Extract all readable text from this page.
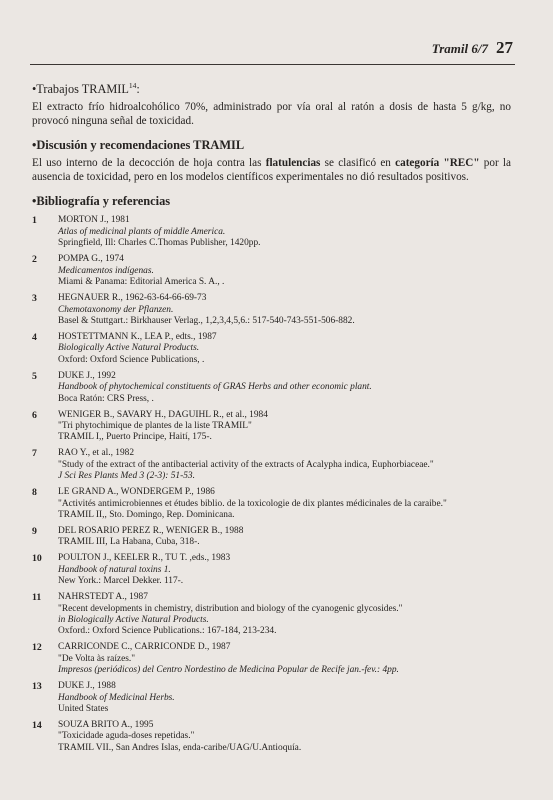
Tramil 6/7 27

•Trabajos TRAMIL$^{14}$:

El extracto frío hidroalcohólico 70%, administrado por vía oral al ratón a dosis de hasta 5 g/kg, no provocó ninguna señal de toxicidad.

•Discusión y recomendaciones TRAMIL

El uso interno de la decocción de hoja contra las flatulencias se clasificó en categoría "REC" por la ausencia de toxicidad, pero en los modelos científicos experimentales no dió resultados positivos.

•Bibliografía y referencias

1	MORTON J., 1981
Atlas of medicinal plants of middle America.
Springfield, Ill: Charles C.Thomas Publisher, 1420pp.
2	POMPA G., 1974
Medicamentos indígenas.
Miami & Panama: Editorial America S. A., .
3	HEGNAUER R., 1962-63-64-66-69-73
Chemotaxonomy der Pflanzen.
Basel & Stuttgart.: Birkhauser Verlag., 1,2,3,4,5,6.: 517-540-743-551-506-882.
4	HOSTETTMANN K., LEA P., edts., 1987
Biologically Active Natural Products.
Oxford: Oxford Science Publications, .
5	DUKE J., 1992
Handbook of phytochemical constituents of GRAS Herbs and other economic plant.
Boca Ratón: CRS Press, .
6	WENIGER B., SAVARY H., DAGUIHL R., et al., 1984
"Tri phytochimique de plantes de la liste TRAMIL"
TRAMIL I,, Puerto Principe, Haití, 175-.
7	RAO Y., et al., 1982
"Study of the extract of the antibacterial activity of the extracts of Acalypha indica, Euphorbiaceae."
J Sci Res Plants Med 3 (2-3): 51-53.
8	LE GRAND A., WONDERGEM P., 1986
"Activités antimicrobiennes et études biblio. de la toxicologie de dix plantes médicinales de la caraibe."
TRAMIL II,, Sto. Domingo, Rep. Dominicana.
9	DEL ROSARIO PEREZ R., WENIGER B., 1988
TRAMIL III, La Habana, Cuba, 318-.
10	POULTON J., KEELER R., TU T. ,eds., 1983
Handbook of natural toxins 1.
New York.: Marcel Dekker. 117-.
11	NAHRSTEDT A., 1987
"Recent developments in chemistry, distribution and biology of the cyanogenic glycosides."
in Biologically Active Natural Products.
Oxford.: Oxford Science Publications.: 167-184, 213-234.
12	CARRICONDE C., CARRICONDE D., 1987
"De Volta às raízes."
Impresos (periódicos) del Centro Nordestino de Medicina Popular de Recife jan.-fev.: 4pp.
13	DUKE J., 1988
Handbook of Medicinal Herbs.
United States
14	SOUZA BRITO A., 1995
"Toxicidade aguda-doses repetidas."
TRAMIL VII., San Andres Islas, enda-caribe/UAG/U.Antioquía.
